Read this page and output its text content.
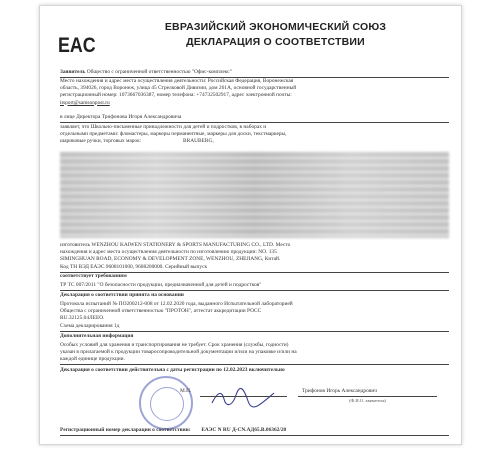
EAC
ЕВРАЗИЙСКИЙ ЭКОНОМИЧЕСКИЙ СОЮЗ
ДЕКЛАРАЦИЯ О СООТВЕТСТВИИ
Заявитель Общество с ограниченной ответственностью "Офис-комплекс"
Место нахождения и адрес места осуществления деятельности: Российская Федерация, Воронежская
область, 394026, город Воронеж, улица 45 Стрелковой Дивизии, дом 261А, основной государственный
регистрационный номер: 1073667036387, номер телефона: +74732502917, адрес электронной почты:
itsport@samsonpost.ru
в лице Директора Трифонова Игоря Александровича
заявляет, что Школьно-письменные принадлежности для детей и подростков, в наборах и
отдельными предметами: фломастеры, маркеры перманентные, маркеры для доски, текстмаркеры,
шариковые ручки, торговых марок:	BRAUBERG,
изготовитель WENZHOU KAIWEN STATIONERY & SPORTS MANUFACTURING CO., LTD. Место
нахождения и адрес места осуществления деятельности по изготовлению продукции: NO. 135
SIMINGHUAN ROAD, ECONOMY & DEVELOPMENT ZONE, WENZHOU, ZHEJIANG, Китай.
Код ТН ВЭД ЕАЭС 9608101000, 9608200000. Серийный выпуск
соответствует требованиям
ТР ТС 007/2011 "О безопасности продукции, предназначенной для детей и подростков"
Декларация о соответствии принята на основании
Протокола испытаний № ПО200212-008 от 12.02.2020 года, выданного Испытательной лабораторией
Общества с ограниченной ответственностью "ПРОТОН", аттестат аккредитации РОСС
RU.32125.04ЛЕЕО.
Схема декларирования 1д
Дополнительная информация
Особых условий для хранения и транспортирования не требует. Срок хранения (службы, годности)
указан в прилагаемой к продукции товаросопроводительной документации и/или на упаковке и/или на
каждой единице продукции.
Декларация о соответствии действительна с даты регистрации по 12.02.2023 включительно
М.П.	Трифонов Игорь Александрович
(Ф.И.О. заявителя)
Регистрационный номер декларации о соответствии: ЕАЭС N RU Д-CN.АД65.В.06362/20
